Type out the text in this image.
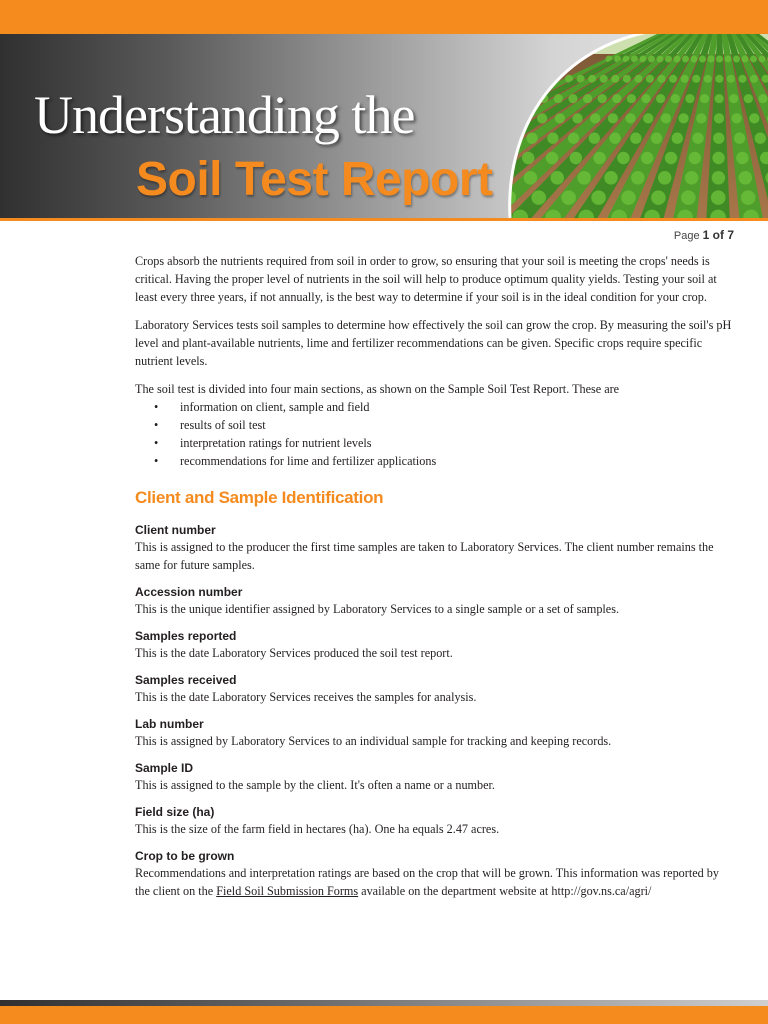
Understanding the
Soil Test Report
Page 1 of 7

Crops absorb the nutrients required from soil in order to grow, so ensuring that your soil is meeting the crops' needs is critical. Having the proper level of nutrients in the soil will help to produce optimum quality yields. Testing your soil at least every three years, if not annually, is the best way to determine if your soil is in the ideal condition for your crop.

Laboratory Services tests soil samples to determine how effectively the soil can grow the crop. By measuring the soil's pH level and plant-available nutrients, lime and fertilizer recommendations can be given. Specific crops require specific nutrient levels.

The soil test is divided into four main sections, as shown on the Sample Soil Test Report. These are

• information on client, sample and field
• results of soil test
• interpretation ratings for nutrient levels
• recommendations for lime and fertilizer applications
Client and Sample Identification
Client number
This is assigned to the producer the first time samples are taken to Laboratory Services. The client number remains the same for future samples.
Accession number
This is the unique identifier assigned by Laboratory Services to a single sample or a set of samples.
Samples reported
This is the date Laboratory Services produced the soil test report.
Samples received
This is the date Laboratory Services receives the samples for analysis.
Lab number
This is assigned by Laboratory Services to an individual sample for tracking and keeping records.
Sample ID
This is assigned to the sample by the client. It's often a name or a number.
Field size (ha)
This is the size of the farm field in hectares (ha). One ha equals 2.47 acres.
Crop to be grown
Recommendations and interpretation ratings are based on the crop that will be grown. This information was reported by the client on the Field Soil Submission Forms available on the department website at http://gov.ns.ca/agri/
